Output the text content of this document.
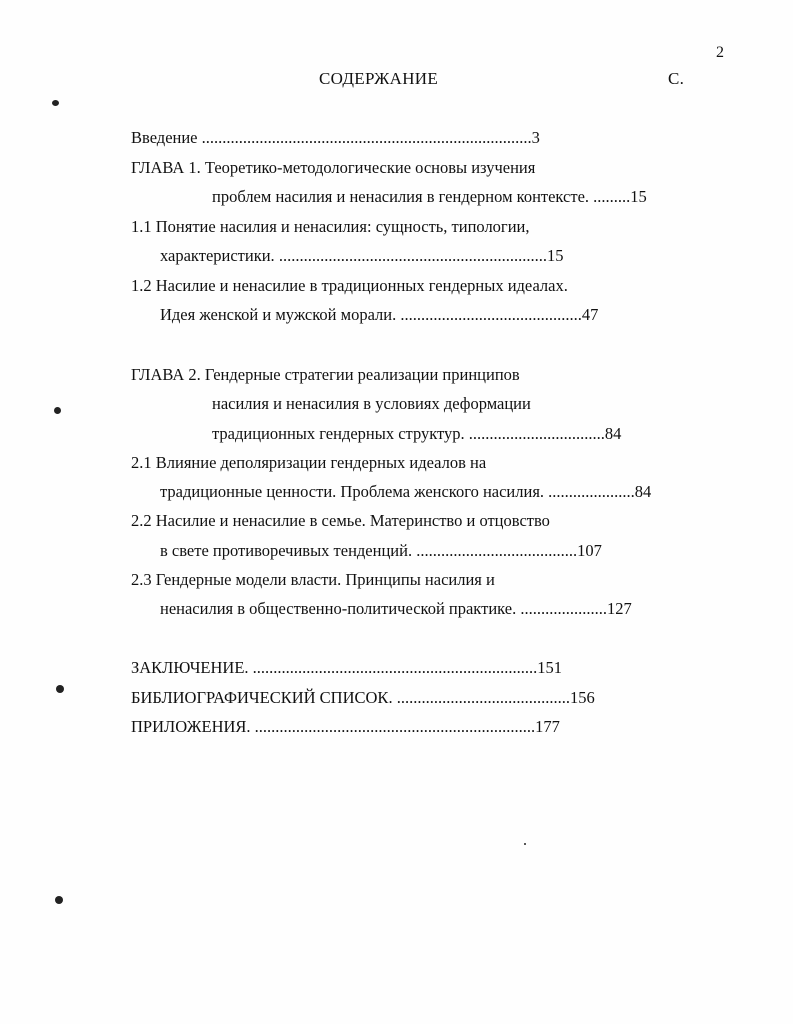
2
СОДЕРЖАНИЕ	С.
Введение ................................................................................3
ГЛАВА 1. Теоретико-методологические основы изучения
проблем насилия и ненасилия в гендерном контексте. .........15
1.1 Понятие насилия и ненасилия: сущность, типологии,
характеристики. .................................................................15
1.2 Насилие и ненасилие в традиционных гендерных идеалах.
Идея женской и мужской морали. ............................................47
ГЛАВА 2. Гендерные стратегии реализации принципов
насилия и ненасилия в условиях деформации
традиционных гендерных структур. .................................84
2.1 Влияние деполяризации гендерных идеалов на
традиционные ценности. Проблема женского насилия. .....................84
2.2 Насилие и ненасилие в семье. Материнство и отцовство
в свете противоречивых тенденций. .......................................107
2.3 Гендерные модели власти. Принципы насилия и
ненасилия в общественно-политической практике. .....................127
ЗАКЛЮЧЕНИЕ. .....................................................................151
БИБЛИОГРАФИЧЕСКИЙ СПИСОК. ..........................................156
ПРИЛОЖЕНИЯ. ....................................................................177
